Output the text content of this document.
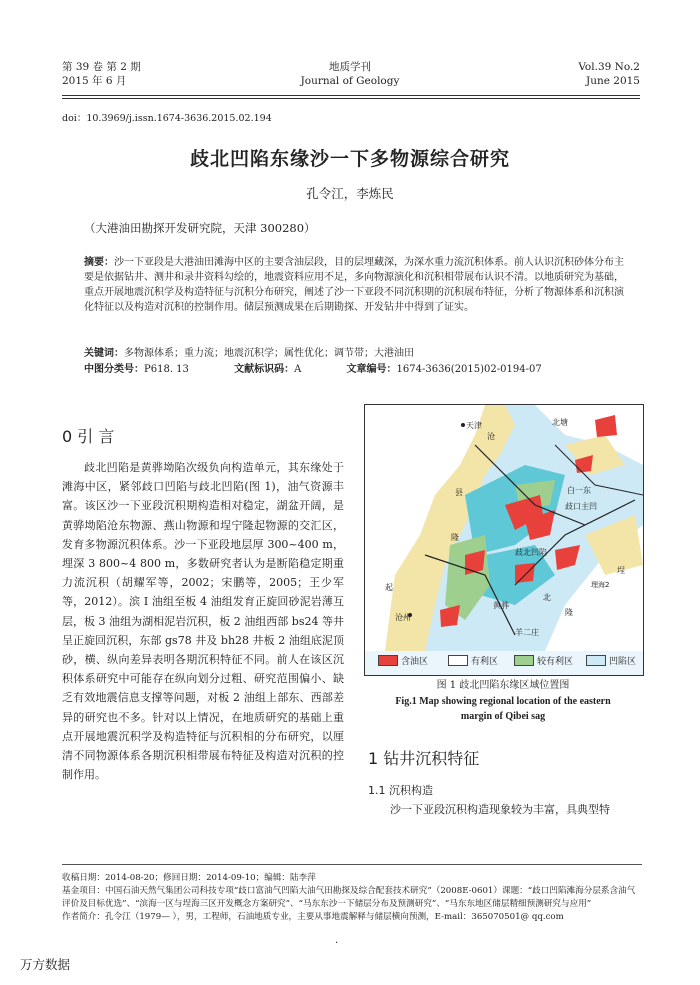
第 39 卷 第 2 期
2015 年 6 月
地质学刊
Journal of Geology
Vol.39 No.2
June 2015
doi：10.3969/j.issn.1674-3636.2015.02.194
歧北凹陷东缘沙一下多物源综合研究
孔令江，李炼民
（大港油田勘探开发研究院，天津 300280）
摘要：沙一下亚段是大港油田滩海中区的主要含油层段，目的层埋藏深，为深水重力流沉积体系。前人认识沉积砂体分布主要是依据钻井、测井和录井资料勾绘的，地震资料应用不足，多向物源演化和沉积相带展布认识不清。以地质研究为基础，重点开展地震沉积学及构造特征与沉积分布研究，阐述了沙一下亚段不同沉积期的沉积展布特征，分析了物源体系和沉积演化特征以及构造对沉积的控制作用。储层预测成果在后期勘探、开发钻井中得到了证实。
关键词：多物源体系；重力流；地震沉积学；属性优化；调节带；大港油田
中图分类号：P618. 13	文献标识码：A	文章编号：1674-3636(2015)02-0194-07
0 引 言

歧北凹陷是黄骅坳陷次级负向构造单元，其东缘处于滩海中区，紧邻歧口凹陷与歧北凹陷(图 1)，油气资源丰富。该区沙一下亚段沉积期构造相对稳定，湖盆开阔，是黄骅坳陷沧东物源、燕山物源和埕宁隆起物源的交汇区，发育多物源沉积体系。沙一下亚段地层厚 300~400 m，埋深 3 800~4 800 m，多数研究者认为是断陷稳定期重力流沉积（胡耀军等，2002；宋鹏等，2005；王少军等，2012）。滨 I 油组至板 4 油组发育正旋回砂泥岩薄互层，板 3 油组为湖相泥岩沉积，板 2 油组西部 bs24 等井呈正旋回沉积，东部 gs78 井及 bh28 井板 2 油组底泥顶砂，横、纵向差异表明各期沉积特征不同。前人在该区沉积体系研究中可能存在纵向划分过粗、研究范围偏小、缺乏有效地震信息支撑等问题，对板 2 油组上部东、西部差异的研究也不多。针对以上情况，在地质研究的基础上重点开展地震沉积学及构造特征与沉积相的分布研究，以厘清不同物源体系各期沉积相带展布特征及构造对沉积的控制作用。

天津
沧
北塘
县	白一东
歧口主凹
隆
歧北凹陷
起
沧州
黄骅
北
隆
羊二庄
埕
理海2
含油区	有利区	较有利区	凹陷区
图 1 歧北凹陷东缘区域位置图
Fig.1 Map showing regional location of the eastern margin of Qibei sag
1 钻井沉积特征
1.1 沉积构造

沙一下亚段沉积构造现象较为丰富，具典型特

收稿日期：2014-08-20；修回日期：2014-09-10；编辑：陆李萍
基金项目：中国石油天然气集团公司科技专项“歧口富油气凹陷大油气田勘探及综合配套技术研究”（2008E-0601）课题：“歧口凹陷滩海分层系含油气评价及目标优选”、“滨海一区与埕海三区开发概念方案研究”、“马东东沙一下储层分布及预测研究”、“马东东地区储层精细预测研究与应用”
作者简介：孔令江（1979— ），男，工程师，石油地质专业，主要从事地震解释与储层横向预测，E-mail：365070501@ qq.com
·
万方数据
